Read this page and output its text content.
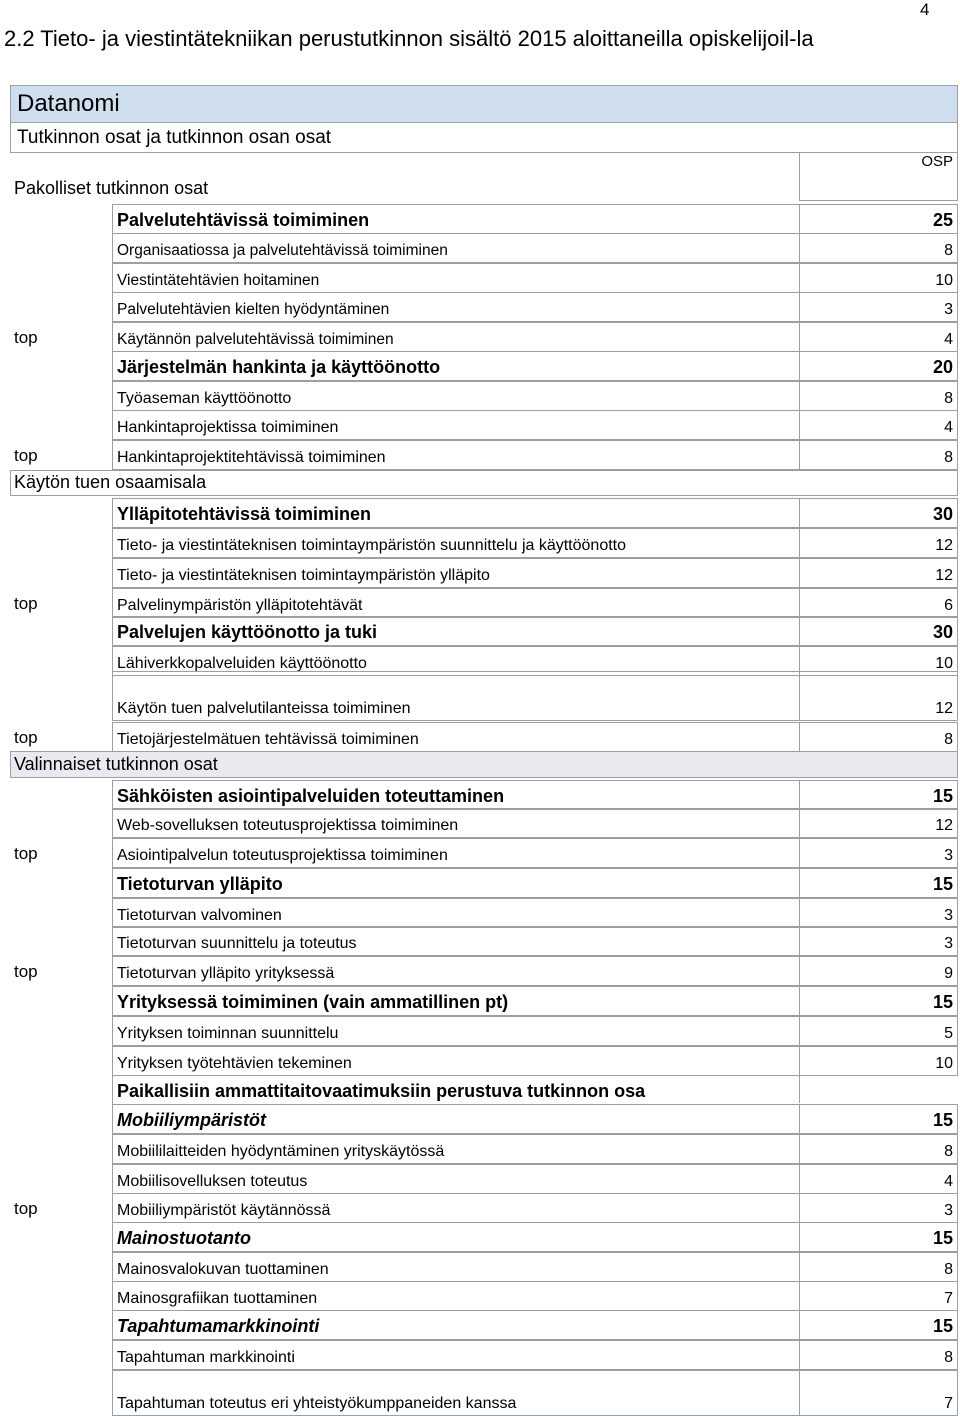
4
2.2 Tieto- ja viestintätekniikan perustutkinnon sisältö 2015 aloittaneilla opiskelijoil-la
Datanomi
Tutkinnon osat ja tutkinnon osan osat
OSP
Pakolliset tutkinnon osat
Käytön tuen osaamisala
Valinnaiset tutkinnon osat
Palvelutehtävissä toimiminen	25
Organisaatiossa ja palvelutehtävissä toimiminen	8
Viestintätehtävien hoitaminen	10
Palvelutehtävien kielten hyödyntäminen	3
Käytännön palvelutehtävissä toimiminen	4
top
Järjestelmän hankinta ja käyttöönotto	20
Työaseman käyttöönotto	8
Hankintaprojektissa toimiminen	4
Hankintaprojektitehtävissä toimiminen	8
top
Ylläpitotehtävissä toimiminen	30
Tieto- ja viestintäteknisen toimintaympäristön suunnittelu ja käyttöönotto	12
Tieto- ja viestintäteknisen toimintaympäristön ylläpito	12
Palvelinympäristön ylläpitotehtävät	6
top
Palvelujen käyttöönotto ja tuki	30
Lähiverkkopalveluiden käyttöönotto	10
Käytön tuen palvelutilanteissa toimiminen	12
Tietojärjestelmätuen tehtävissä toimiminen	8
top
Sähköisten asiointipalveluiden toteuttaminen	15
Web-sovelluksen toteutusprojektissa toimiminen	12
Asiointipalvelun toteutusprojektissa toimiminen	3
top
Tietoturvan ylläpito	15
Tietoturvan valvominen	3
Tietoturvan suunnittelu ja toteutus	3
Tietoturvan ylläpito yrityksessä	9
top
Yrityksessä toimiminen (vain ammatillinen pt)	15
Yrityksen toiminnan suunnittelu	5
Yrityksen työtehtävien tekeminen	10
Paikallisiin ammattitaitovaatimuksiin perustuva tutkinnon osa
Mobiiliympäristöt	15
Mobiililaitteiden hyödyntäminen yrityskäytössä	8
Mobiilisovelluksen toteutus	4
Mobiiliympäristöt käytännössä	3
top
Mainostuotanto	15
Mainosvalokuvan tuottaminen	8
Mainosgrafiikan tuottaminen	7
Tapahtumamarkkinointi	15
Tapahtuman markkinointi	8
Tapahtuman toteutus eri yhteistyökumppaneiden kanssa	7
